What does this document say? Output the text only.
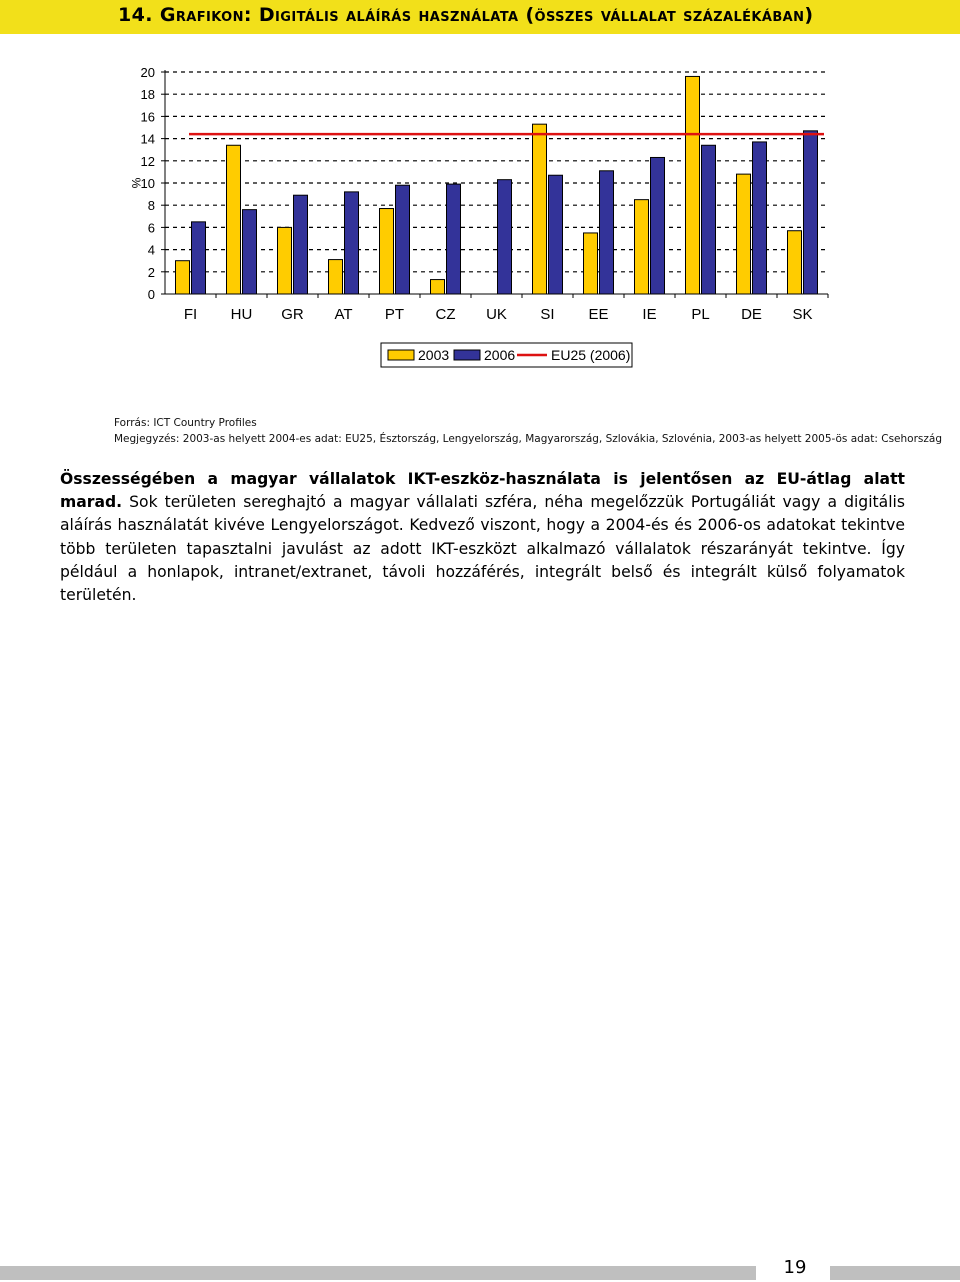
14. Grafikon: Digitális aláírás használata (összes vállalat százalékában)
0
2
4
6
8
10
12
14
16
18
20
%
FI HU GR AT PT CZ UK SI EE IE PL DE SK
2003 2006	EU25 (2006)
Forrás: ICT Country Profiles
Megjegyzés: 2003-as helyett 2004-es adat: EU25, Észtország, Lengyelország, Magyarország, Szlovákia, Szlovénia, 2003-as helyett 2005-ös adat: Csehország
Összességében a magyar vállalatok IKT-eszköz-használata is jelentősen az EU-átlag alatt marad. Sok területen sereghajtó a magyar vállalati szféra, néha megelőzzük Portugáliát vagy a digitális aláírás használatát kivéve Lengyelországot. Kedvező viszont, hogy a 2004-és és 2006-os adatokat tekintve több területen tapasztalni javulást az adott IKT-eszközt alkalmazó vállalatok részarányát tekintve. Így például a honlapok, intranet/extranet, távoli hozzáférés, integrált belső és integrált külső folyamatok területén.
19
